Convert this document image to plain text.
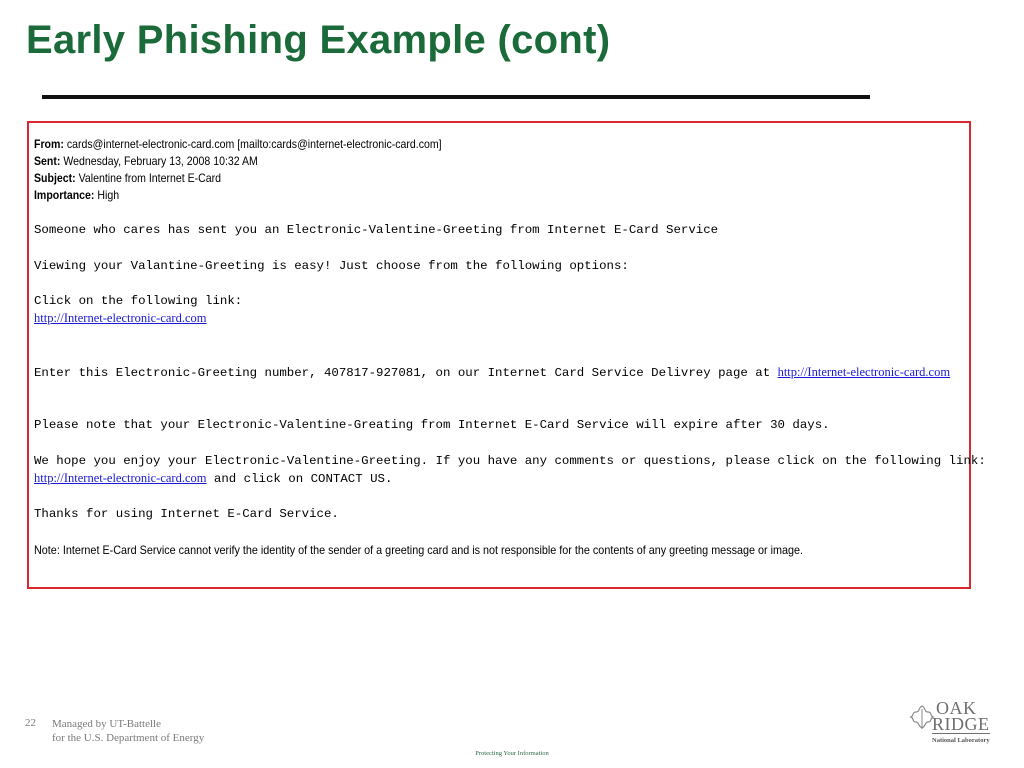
Early Phishing Example (cont)
From: cards@internet-electronic-card.com [mailto:cards@internet-electronic-card.com]
Sent: Wednesday, February 13, 2008 10:32 AM
Subject: Valentine from Internet E-Card
Importance: High
Someone who cares has sent you an Electronic-Valentine-Greeting from Internet E-Card Service
Viewing your Valantine-Greeting is easy! Just choose from the following options:
Click on the following link:
http://Internet-electronic-card.com
Enter this Electronic-Greeting number, 407817-927081, on our Internet Card Service Delivrey page at http://Internet-electronic-card.com
Please note that your Electronic-Valentine-Greating from Internet E-Card Service will expire after 30 days.
We hope you enjoy your Electronic-Valentine-Greeting. If you have any comments or questions, please click on the following link:
http://Internet-electronic-card.com and click on CONTACT US.
Thanks for using Internet E-Card Service.
Note: Internet E-Card Service cannot verify the identity of the sender of a greeting card and is not responsible for the contents of any greeting message or image.
22 Managed by UT-Battelle
for the U.S. Department of Energy
Protecting Your Information
OAK
RIDGE
National Laboratory
